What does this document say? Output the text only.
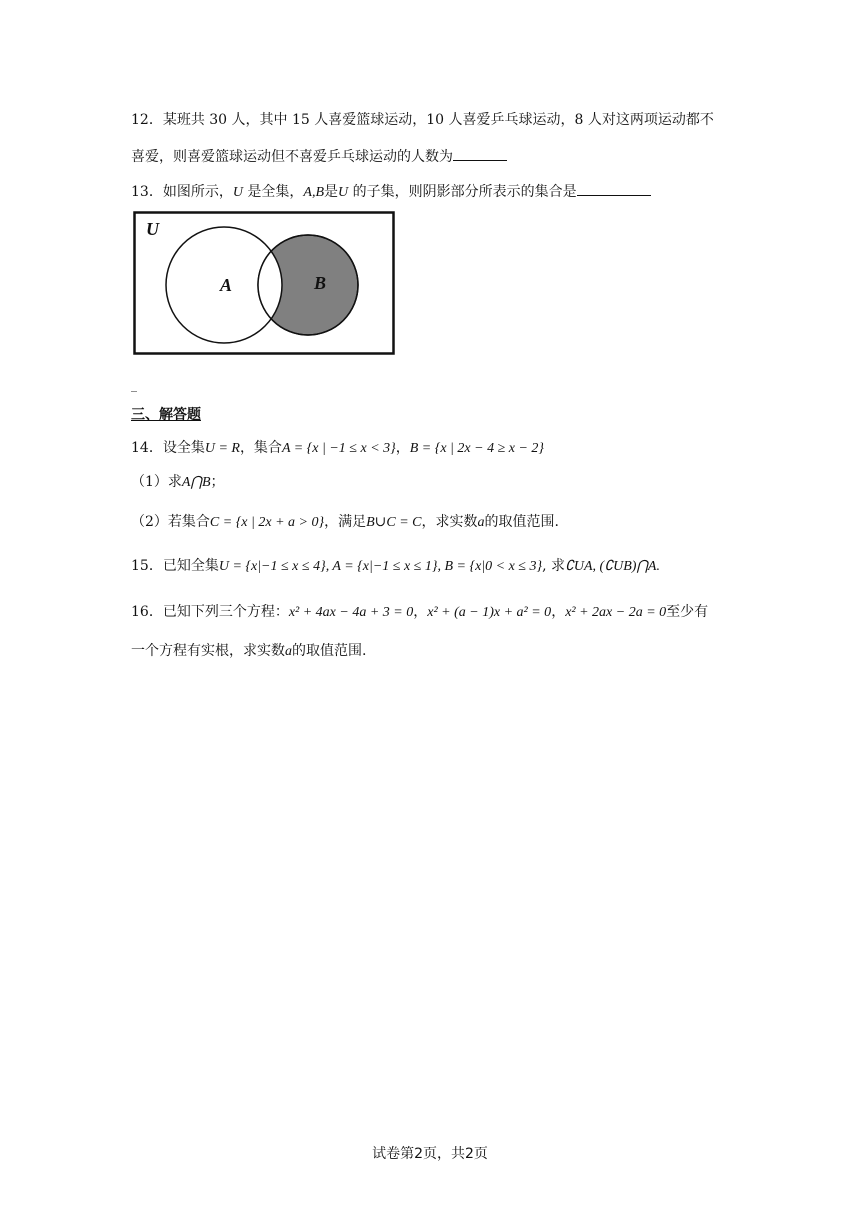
12．某班共 30 人，其中 15 人喜爱篮球运动，10 人喜爱乒乓球运动，8 人对这两项运动都不
喜爱，则喜爱篮球运动但不喜爱乒乓球运动的人数为
13．如图所示，U 是全集，A,B是U 的子集，则阴影部分所表示的集合是
U
A	B
_
三、解答题
14．设全集U = R，集合A = {x | −1 ≤ x < 3}，B = {x | 2x − 4 ≥ x − 2}
（1）求A⋂B；
（2）若集合C = {x | 2x + a > 0}，满足B∪C = C，求实数a的取值范围.
15．已知全集U = {x|−1 ≤ x ≤ 4}, A = {x|−1 ≤ x ≤ 1}, B = {x|0 < x ≤ 3}, 求∁UA, (∁UB)⋂A.
16．已知下列三个方程：x² + 4ax − 4a + 3 = 0，x² + (a − 1)x + a² = 0，x² + 2ax − 2a = 0至少有
一个方程有实根，求实数a的取值范围.
试卷第2页，共2页
